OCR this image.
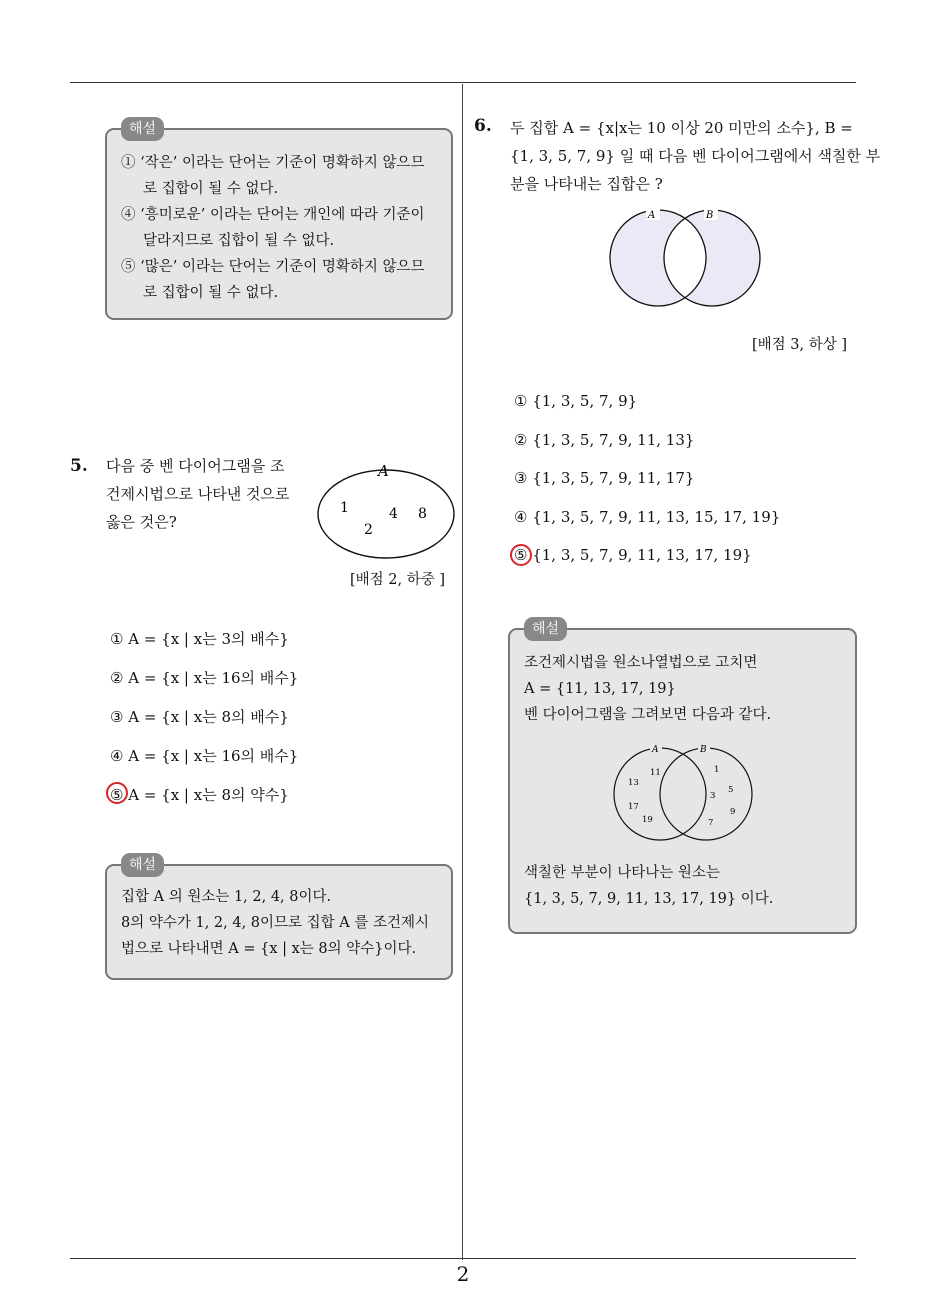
해설
① ‘작은’ 이라는 단어는 기준이 명확하지 않으므
로 집합이 될 수 없다.
④ ‘흥미로운’ 이라는 단어는 개인에 따라 기준이
달라지므로 집합이 될 수 없다.
⑤ ‘많은’ 이라는 단어는 기준이 명확하지 않으므
로 집합이 될 수 없다.
5. 다음 중 벤 다이어그램을 조
건제시법으로 나타낸 것으로
옳은 것은?
A
1
2
4 8
[배점 2, 하중 ]
① A = {x | x는 3의 배수}
② A = {x | x는 16의 배수}
③ A = {x | x는 8의 배수}
④ A = {x | x는 16의 배수}
⑤ A = {x | x는 8의 약수}
해설
집합 A 의 원소는 1, 2, 4, 8이다.
8의 약수가 1, 2, 4, 8이므로 집합 A 를 조건제시
법으로 나타내면 A = {x | x는 8의 약수}이다.
6. 두 집합 A = {x|x는 10 이상 20 미만의 소수}, B =
{1, 3, 5, 7, 9} 일 때 다음 벤 다이어그램에서 색칠한 부
분을 나타내는 집합은 ?
A	B
[배점 3, 하상 ]
① {1, 3, 5, 7, 9}
② {1, 3, 5, 7, 9, 11, 13}
③ {1, 3, 5, 7, 9, 11, 17}
④ {1, 3, 5, 7, 9, 11, 13, 15, 17, 19}
⑤ {1, 3, 5, 7, 9, 11, 13, 17, 19}
해설
조건제시법을 원소나열법으로 고치면
A = {11, 13, 17, 19}
벤 다이어그램을 그려보면 다음과 같다.
A	B
11
13
17
19
1
3
5
7
9
색칠한 부분이 나타나는 원소는
{1, 3, 5, 7, 9, 11, 13, 17, 19} 이다.
2
